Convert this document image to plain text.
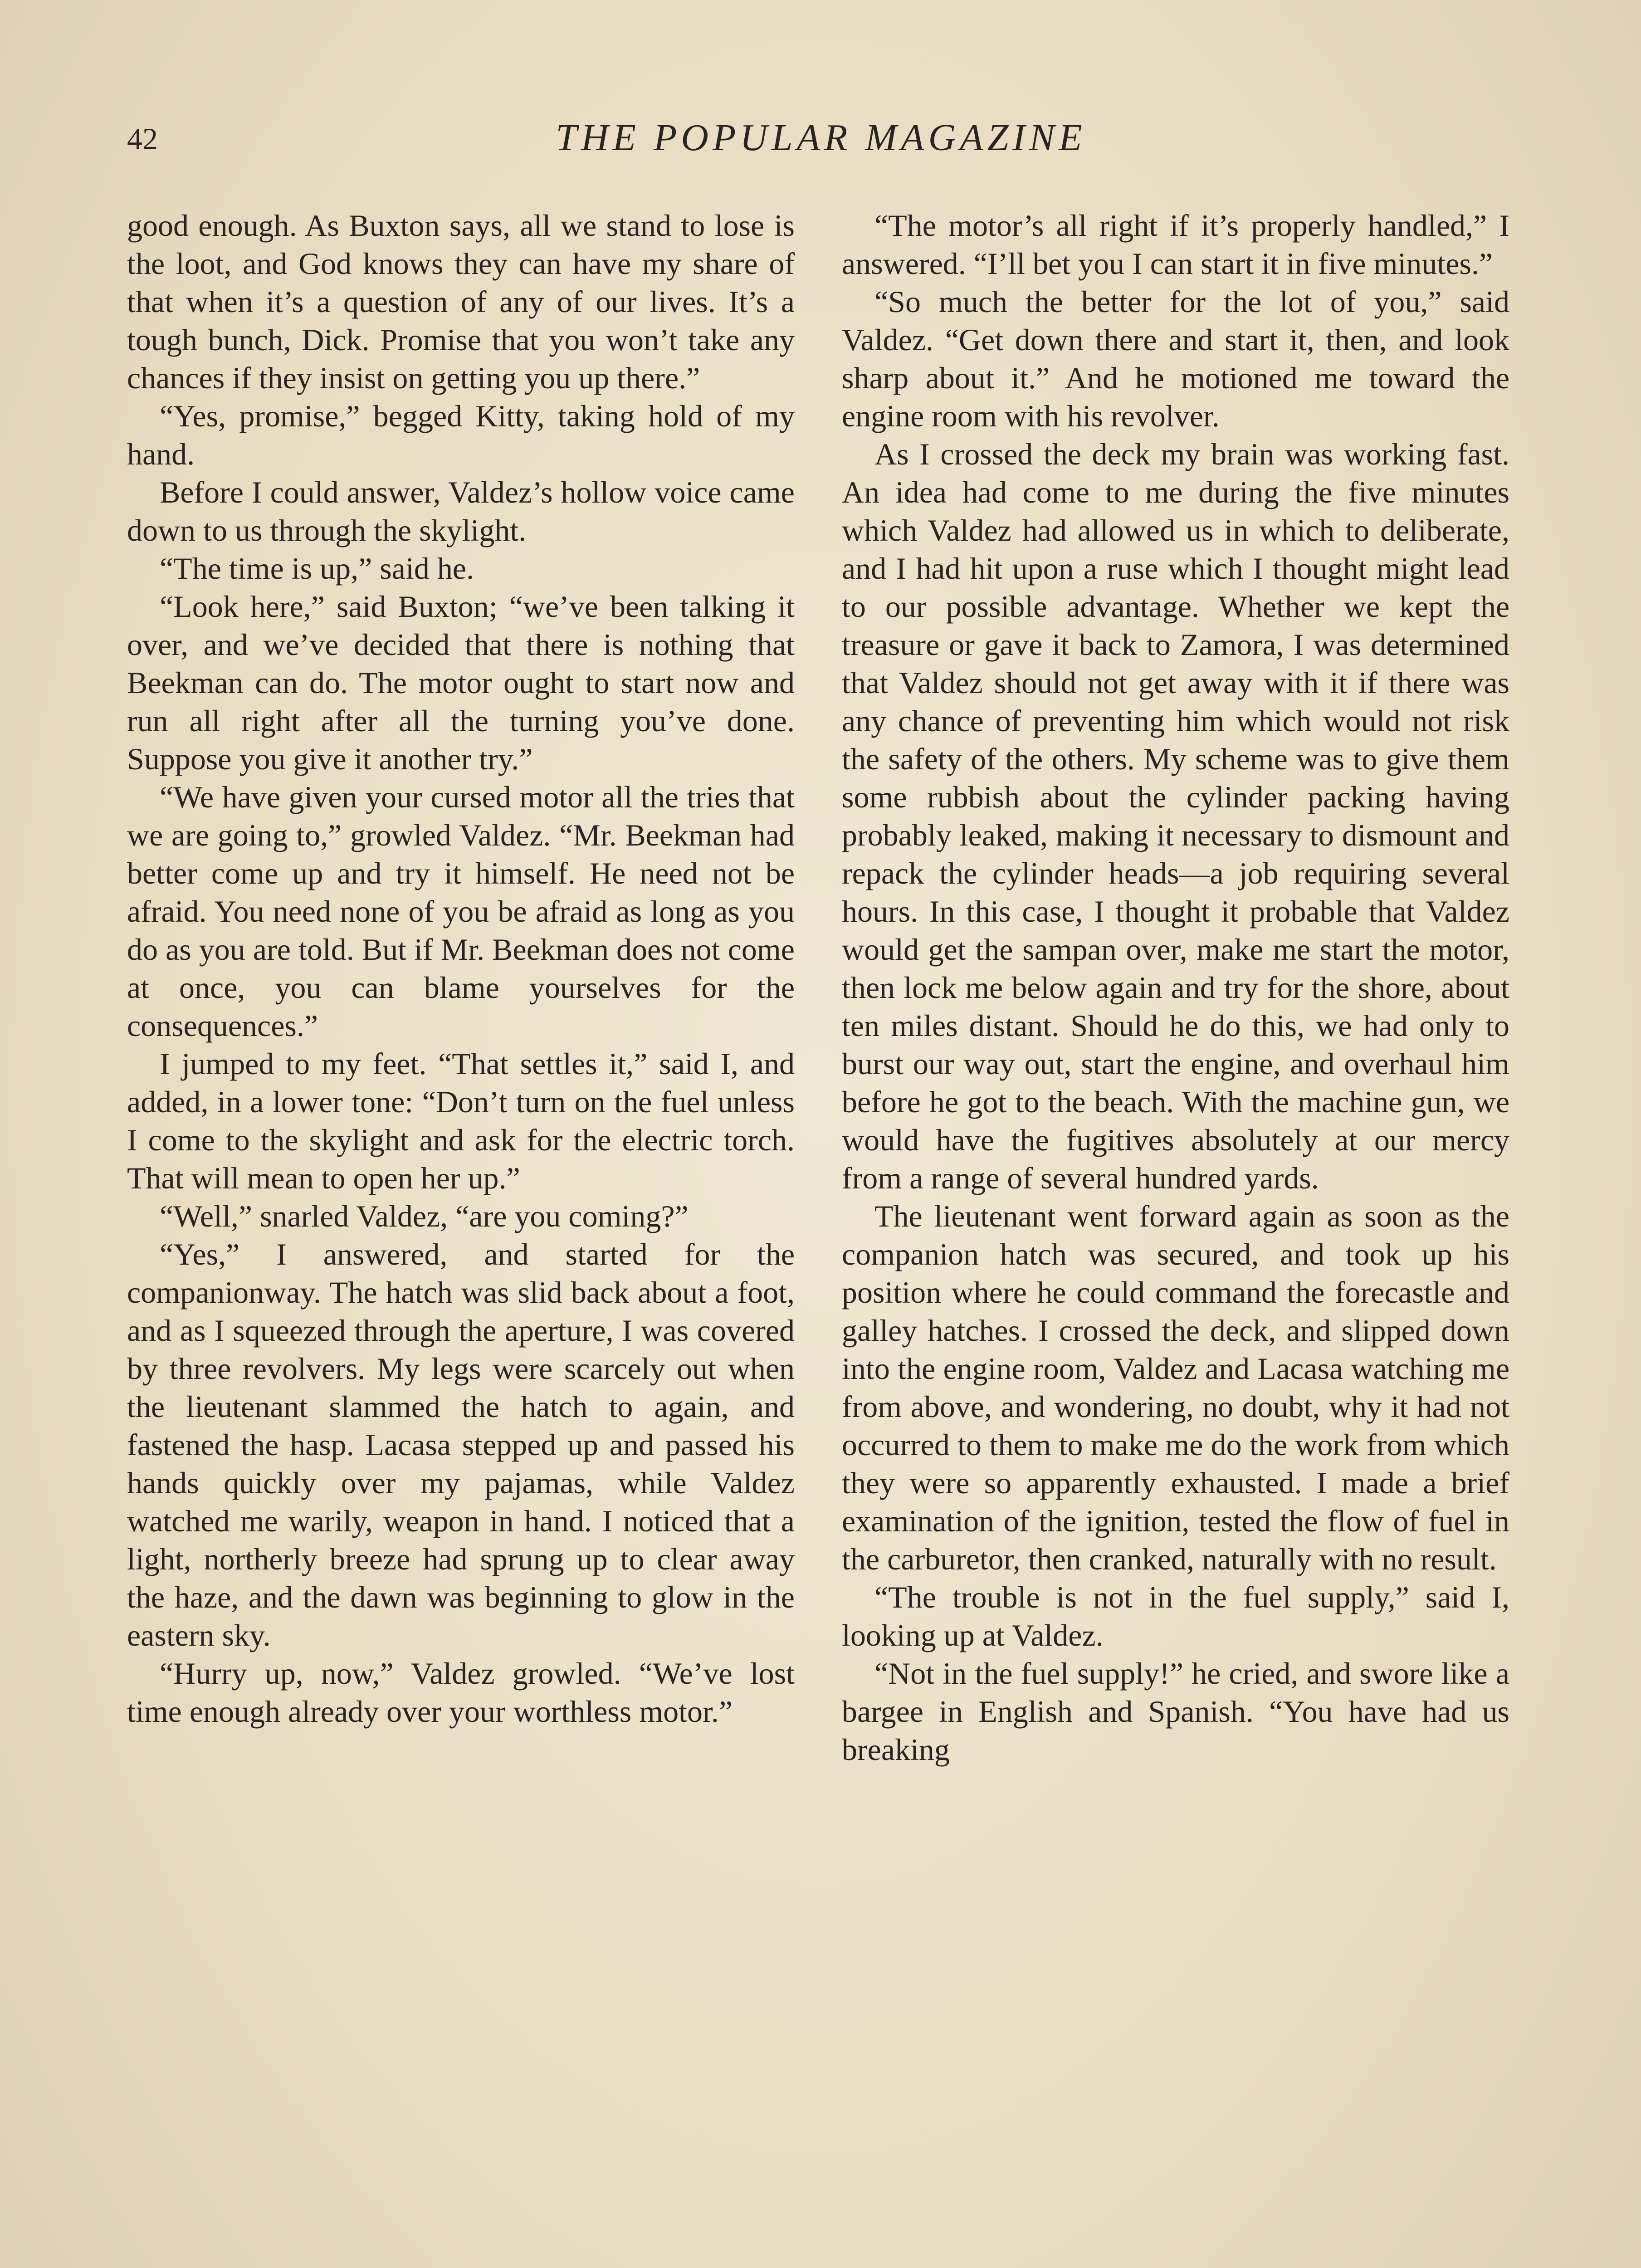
42	THE POPULAR MAGAZINE

good enough. As Buxton says, all we stand to lose is the loot, and God knows they can have my share of that when it’s a question of any of our lives. It’s a tough bunch, Dick. Promise that you won’t take any chances if they insist on getting you up there.”

“Yes, promise,” begged Kitty, taking hold of my hand.

Before I could answer, Valdez’s hollow voice came down to us through the skylight.

“The time is up,” said he.

“Look here,” said Buxton; “we’ve been talking it over, and we’ve decided that there is nothing that Beekman can do. The motor ought to start now and run all right after all the turning you’ve done. Suppose you give it another try.”

“We have given your cursed motor all the tries that we are going to,” growled Valdez. “Mr. Beekman had better come up and try it himself. He need not be afraid. You need none of you be afraid as long as you do as you are told. But if Mr. Beekman does not come at once, you can blame yourselves for the consequences.”

I jumped to my feet. “That settles it,” said I, and added, in a lower tone: “Don’t turn on the fuel unless I come to the skylight and ask for the electric torch. That will mean to open her up.”

“Well,” snarled Valdez, “are you coming?”

“Yes,” I answered, and started for the companionway. The hatch was slid back about a foot, and as I squeezed through the aperture, I was covered by three revolvers. My legs were scarcely out when the lieutenant slammed the hatch to again, and fastened the hasp. Lacasa stepped up and passed his hands quickly over my pajamas, while Valdez watched me warily, weapon in hand. I noticed that a light, northerly breeze had sprung up to clear away the haze, and the dawn was beginning to glow in the eastern sky.

“Hurry up, now,” Valdez growled. “We’ve lost time enough already over your worthless motor.”

“The motor’s all right if it’s properly handled,” I answered. “I’ll bet you I can start it in five minutes.”

“So much the better for the lot of you,” said Valdez. “Get down there and start it, then, and look sharp about it.” And he motioned me toward the engine room with his revolver.

As I crossed the deck my brain was working fast. An idea had come to me during the five minutes which Valdez had allowed us in which to deliberate, and I had hit upon a ruse which I thought might lead to our possible advantage. Whether we kept the treasure or gave it back to Zamora, I was determined that Valdez should not get away with it if there was any chance of preventing him which would not risk the safety of the others. My scheme was to give them some rubbish about the cylinder packing having probably leaked, making it necessary to dismount and repack the cylinder heads—a job requiring several hours. In this case, I thought it probable that Valdez would get the sampan over, make me start the motor, then lock me below again and try for the shore, about ten miles distant. Should he do this, we had only to burst our way out, start the engine, and overhaul him before he got to the beach. With the machine gun, we would have the fugitives absolutely at our mercy from a range of several hundred yards.

The lieutenant went forward again as soon as the companion hatch was secured, and took up his position where he could command the forecastle and galley hatches. I crossed the deck, and slipped down into the engine room, Valdez and Lacasa watching me from above, and wondering, no doubt, why it had not occurred to them to make me do the work from which they were so apparently exhausted. I made a brief examination of the ignition, tested the flow of fuel in the carburetor, then cranked, naturally with no result.

“The trouble is not in the fuel supply,” said I, looking up at Valdez.

“Not in the fuel supply!” he cried, and swore like a bargee in English and Spanish. “You have had us breaking
